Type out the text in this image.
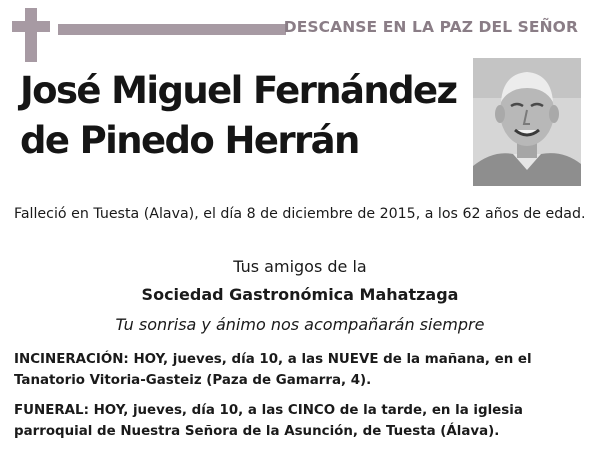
DESCANSE EN LA PAZ DEL SEÑOR
José Miguel Fernández
de Pinedo Herrán
Falleció en Tuesta (Alava), el día 8 de diciembre de 2015, a los 62 años de edad.
Tus amigos de la
Sociedad Gastronómica Mahatzaga
Tu sonrisa y ánimo nos acompañarán siempre
INCINERACIÓN: HOY, jueves, día 10, a las NUEVE de la mañana, en el Tanatorio Vitoria-Gasteiz (Paza de Gamarra, 4).
FUNERAL: HOY, jueves, día 10, a las CINCO de la tarde, en la iglesia parroquial de Nuestra Señora de la Asunción, de Tuesta (Álava).
